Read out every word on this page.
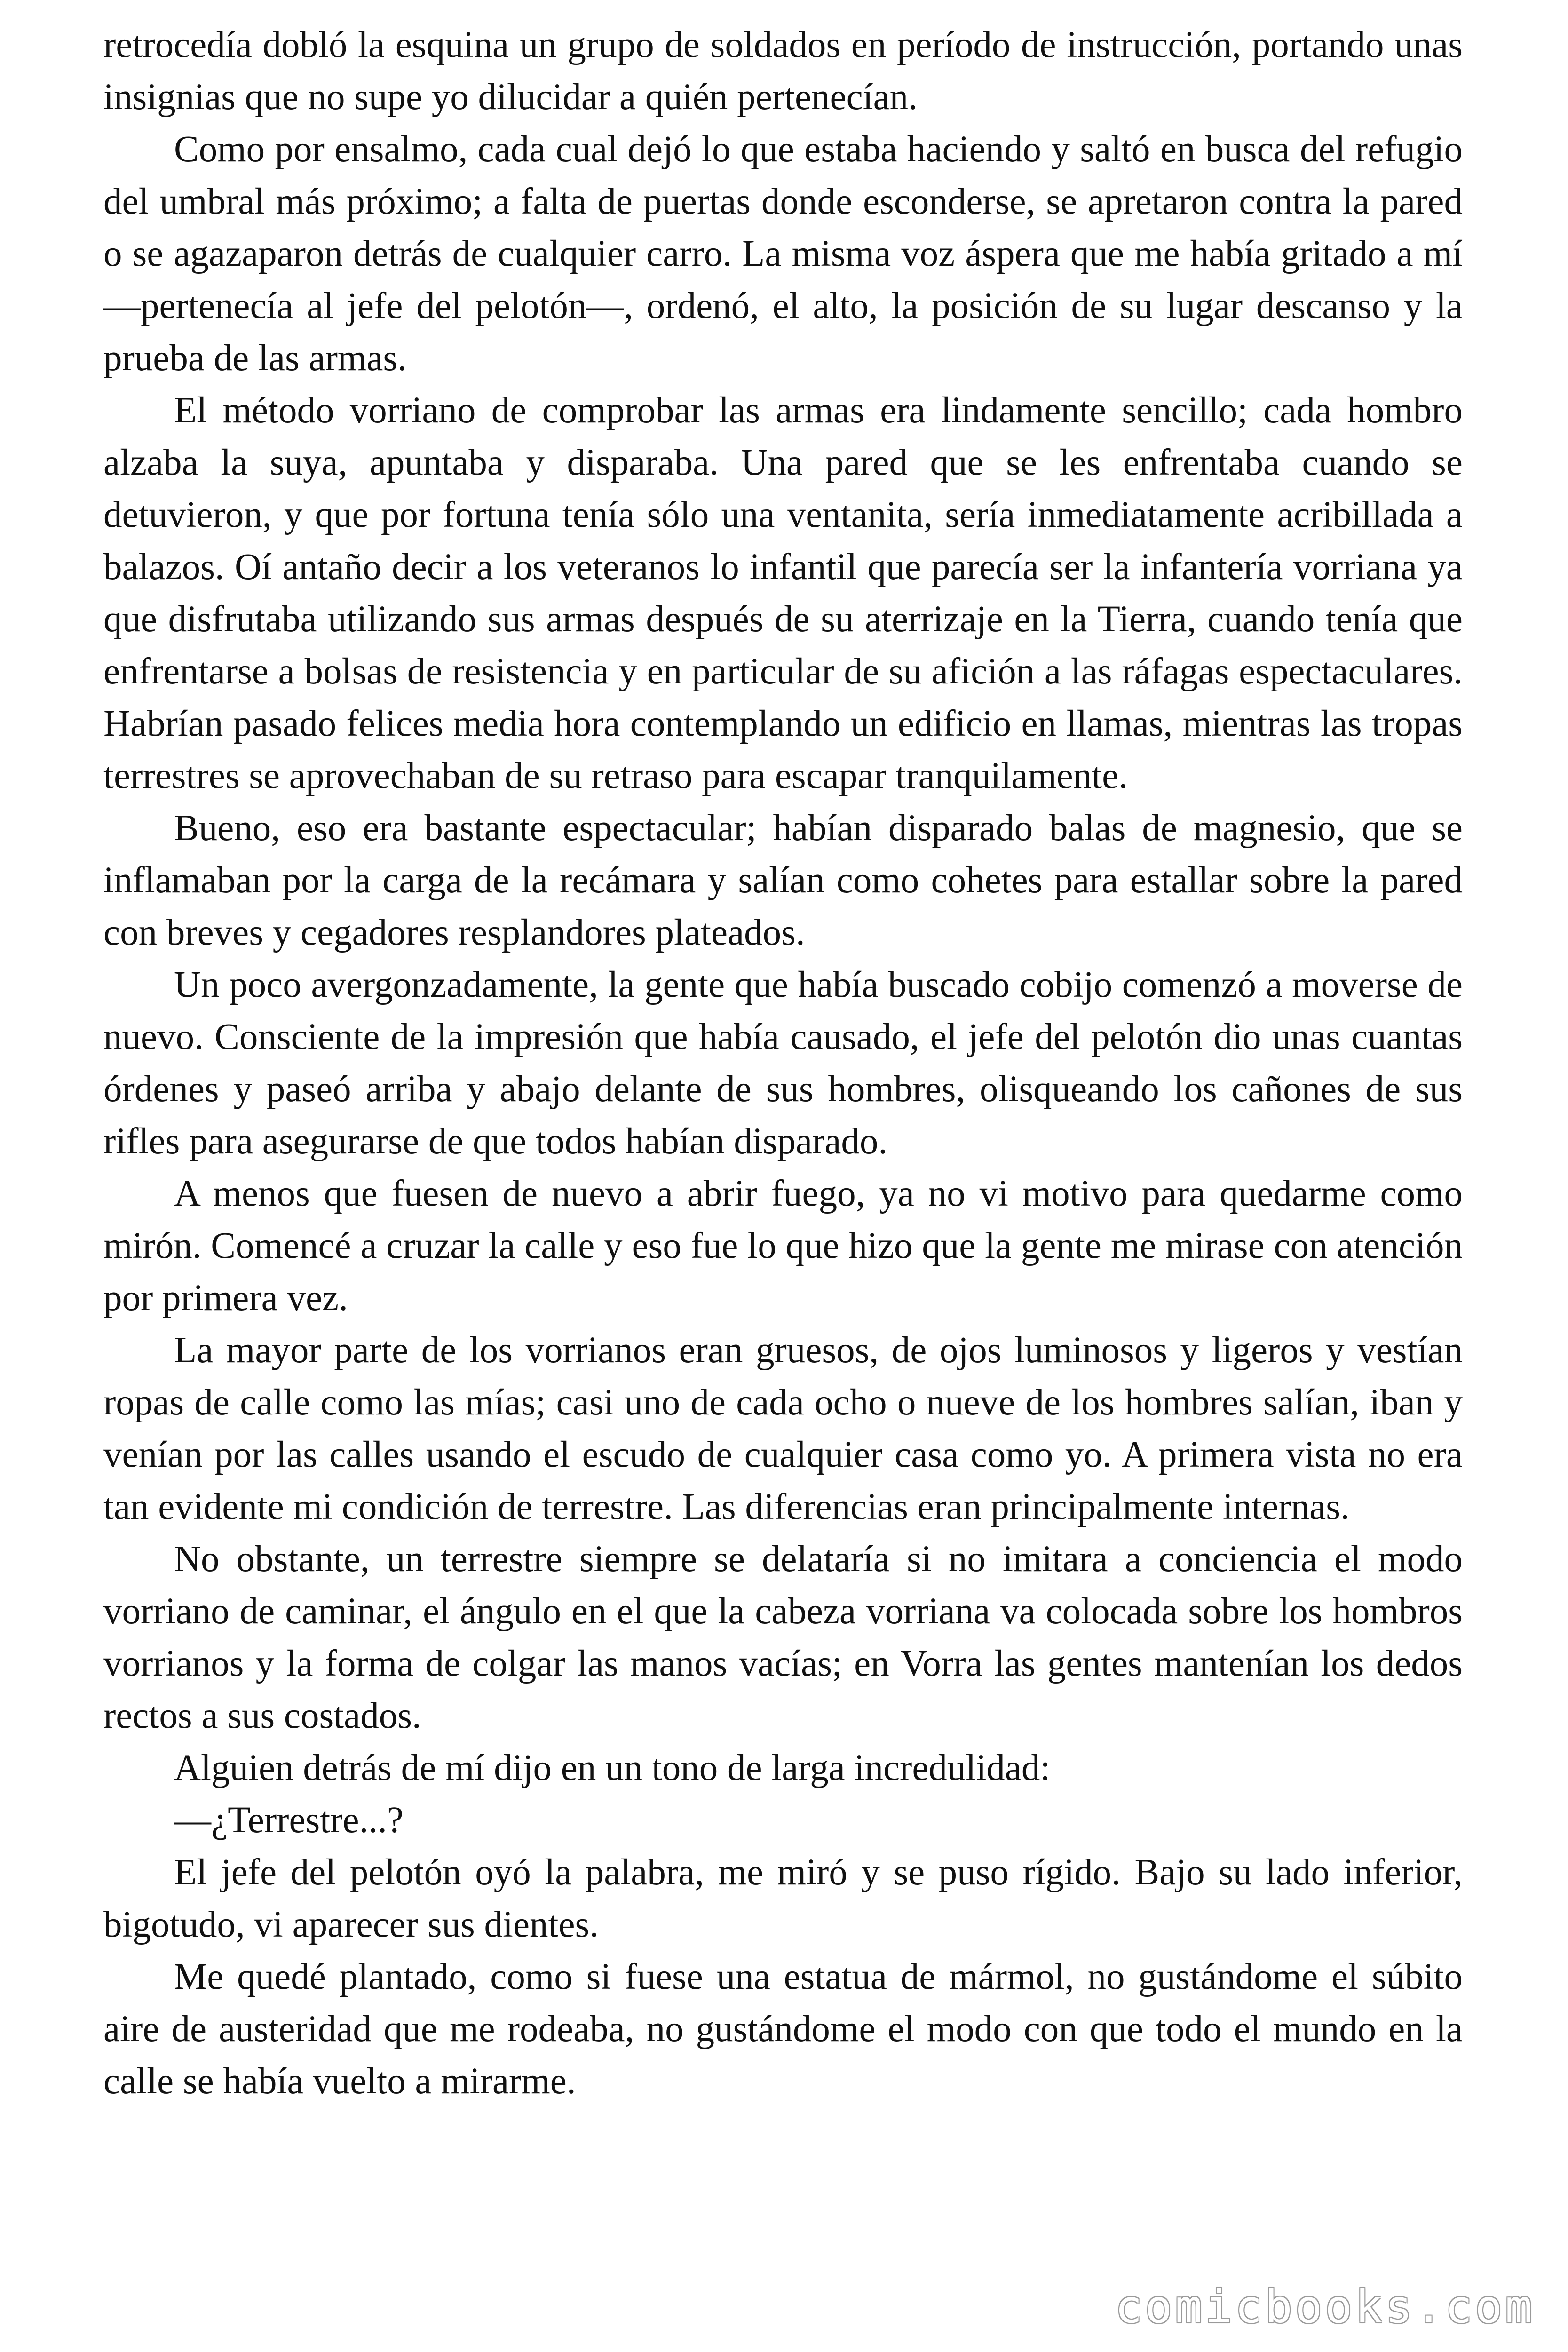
retrocedía dobló la esquina un grupo de soldados en período de instrucción, portando unas insignias que no supe yo dilucidar a quién pertenecían.

Como por ensalmo, cada cual dejó lo que estaba haciendo y saltó en busca del refugio del umbral más próximo; a falta de puertas donde esconderse, se apretaron contra la pared o se agazaparon detrás de cualquier carro. La misma voz áspera que me había gritado a mí —pertenecía al jefe del pelotón—, ordenó, el alto, la posición de su lugar descanso y la prueba de las armas.

El método vorriano de comprobar las armas era lindamente sencillo; cada hombro alzaba la suya, apuntaba y disparaba. Una pared que se les enfrentaba cuando se detuvieron, y que por fortuna tenía sólo una ventanita, sería inmediatamente acribillada a balazos. Oí antaño decir a los veteranos lo infantil que parecía ser la infantería vorriana ya que disfrutaba utilizando sus armas después de su aterrizaje en la Tierra, cuando tenía que enfrentarse a bolsas de resistencia y en particular de su afición a las ráfagas espectaculares. Habrían pasado felices media hora contemplando un edificio en llamas, mientras las tropas terrestres se aprovechaban de su retraso para escapar tranquilamente.

Bueno, eso era bastante espectacular; habían disparado balas de magnesio, que se inflamaban por la carga de la recámara y salían como cohetes para estallar sobre la pared con breves y cegadores resplandores plateados.

Un poco avergonzadamente, la gente que había buscado cobijo comenzó a moverse de nuevo. Consciente de la impresión que había causado, el jefe del pelotón dio unas cuantas órdenes y paseó arriba y abajo delante de sus hombres, olisqueando los cañones de sus rifles para asegurarse de que todos habían disparado.

A menos que fuesen de nuevo a abrir fuego, ya no vi motivo para quedarme como mirón. Comencé a cruzar la calle y eso fue lo que hizo que la gente me mirase con atención por primera vez.

La mayor parte de los vorrianos eran gruesos, de ojos luminosos y ligeros y vestían ropas de calle como las mías; casi uno de cada ocho o nueve de los hombres salían, iban y venían por las calles usando el escudo de cualquier casa como yo. A primera vista no era tan evidente mi condición de terrestre. Las diferencias eran principalmente internas.

No obstante, un terrestre siempre se delataría si no imitara a conciencia el modo vorriano de caminar, el ángulo en el que la cabeza vorriana va colocada sobre los hombros vorrianos y la forma de colgar las manos vacías; en Vorra las gentes mantenían los dedos rectos a sus costados.

Alguien detrás de mí dijo en un tono de larga incredulidad:

—¿Terrestre...?

El jefe del pelotón oyó la palabra, me miró y se puso rígido. Bajo su lado inferior, bigotudo, vi aparecer sus dientes.

Me quedé plantado, como si fuese una estatua de mármol, no gustándome el súbito aire de austeridad que me rodeaba, no gustándome el modo con que todo el mundo en la calle se había vuelto a mirarme.

comicbooks.com
